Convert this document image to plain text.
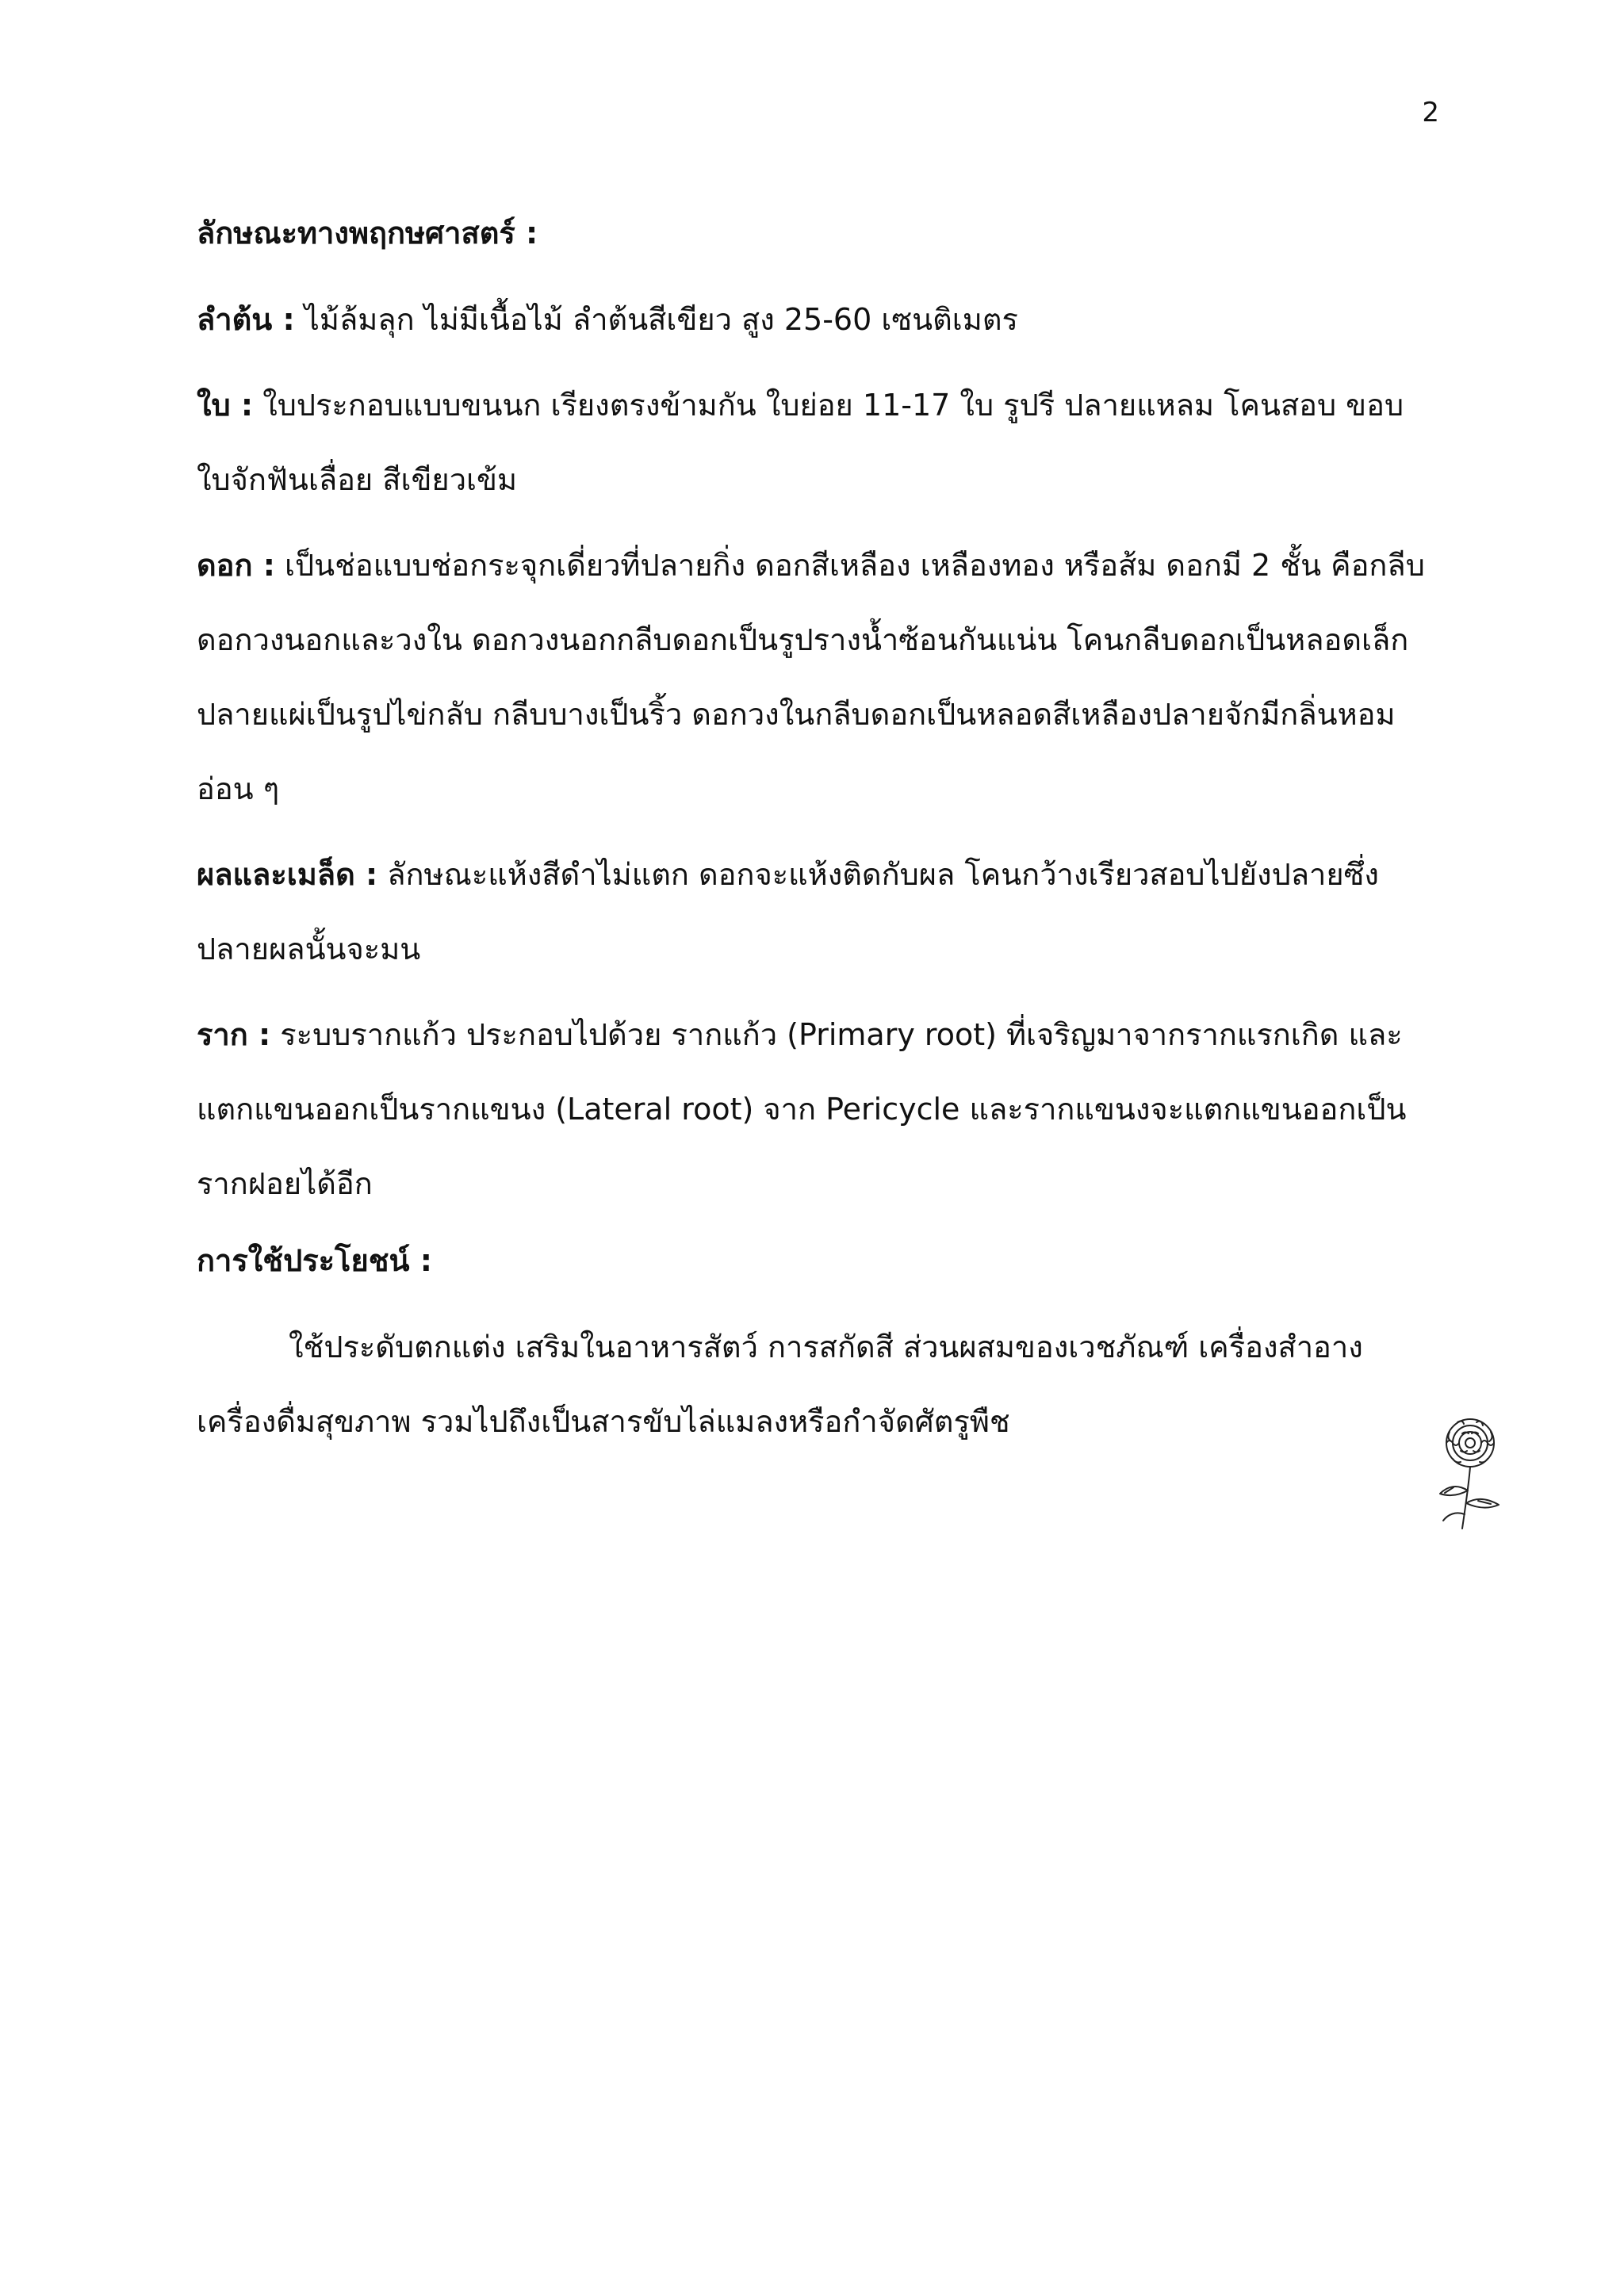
2
ลักษณะทางพฤกษศาสตร์ :

ลำต้น : ไม้ล้มลุก ไม่มีเนื้อไม้ ลำต้นสีเขียว สูง 25-60 เซนติเมตร

ใบ : ใบประกอบแบบขนนก เรียงตรงข้ามกัน ใบย่อย 11-17 ใบ รูปรี ปลายแหลม โคนสอบ ขอบใบจักฟันเลื่อย สีเขียวเข้ม

ดอก : เป็นช่อแบบช่อกระจุกเดี่ยวที่ปลายกิ่ง ดอกสีเหลือง เหลืองทอง หรือส้ม ดอกมี 2 ชั้น คือกลีบดอกวงนอกและวงใน ดอกวงนอกกลีบดอกเป็นรูปรางน้ำซ้อนกันแน่น โคนกลีบดอกเป็นหลอดเล็ก ปลายแผ่เป็นรูปไข่กลับ กลีบบางเป็นริ้ว ดอกวงในกลีบดอกเป็นหลอดสีเหลืองปลายจักมีกลิ่นหอมอ่อน ๆ

ผลและเมล็ด : ลักษณะแห้งสีดำไม่แตก ดอกจะแห้งติดกับผล โคนกว้างเรียวสอบไปยังปลายซึ่งปลายผลนั้นจะมน

ราก : ระบบรากแก้ว ประกอบไปด้วย รากแก้ว (Primary root) ที่เจริญมาจากรากแรกเกิด และแตกแขนออกเป็นรากแขนง (Lateral root) จาก Pericycle และรากแขนงจะแตกแขนออกเป็นรากฝอยได้อีก

การใช้ประโยชน์ :

ใช้ประดับตกแต่ง เสริมในอาหารสัตว์ การสกัดสี ส่วนผสมของเวชภัณฑ์ เครื่องสำอาง เครื่องดื่มสุขภาพ รวมไปถึงเป็นสารขับไล่แมลงหรือกำจัดศัตรูพืช
